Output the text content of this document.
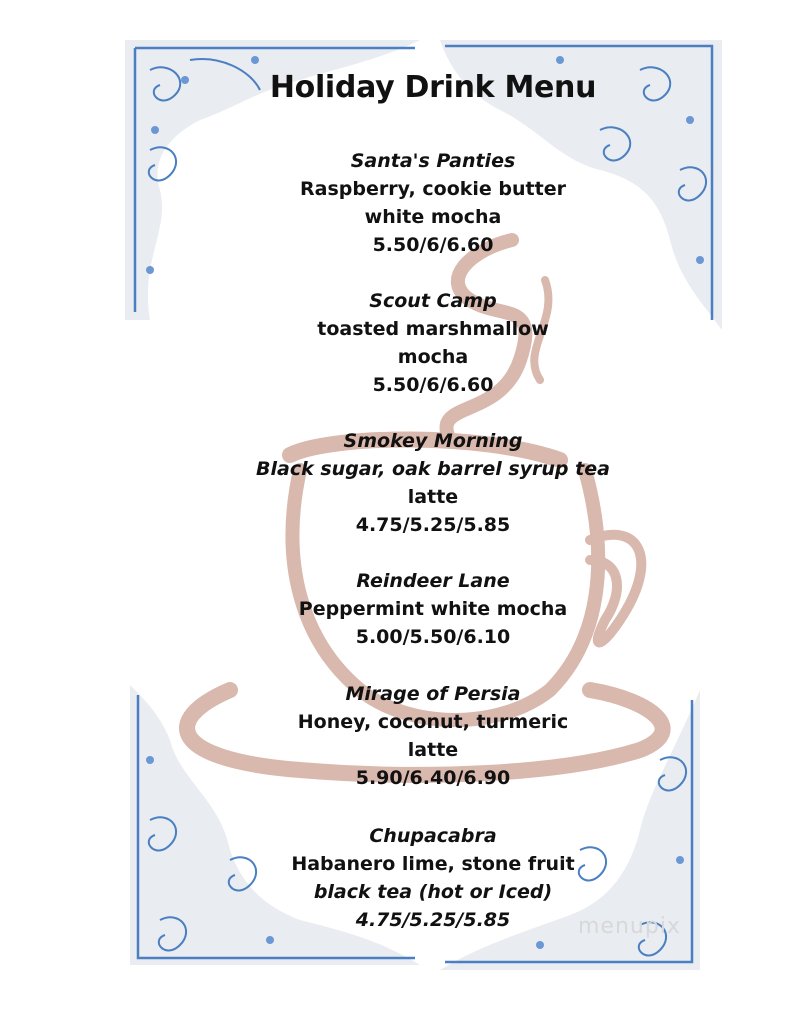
Holiday Drink Menu
Santa's Panties
Raspberry, cookie butter
white mocha
5.50/6/6.60
Scout Camp
toasted marshmallow
mocha
5.50/6/6.60
Smokey Morning
Black sugar, oak barrel syrup tea
latte
4.75/5.25/5.85
Reindeer Lane
Peppermint white mocha
5.00/5.50/6.10
Mirage of Persia
Honey, coconut, turmeric
latte
5.90/6.40/6.90
Chupacabra
Habanero lime, stone fruit
black tea (hot or Iced)
4.75/5.25/5.85	menupix
